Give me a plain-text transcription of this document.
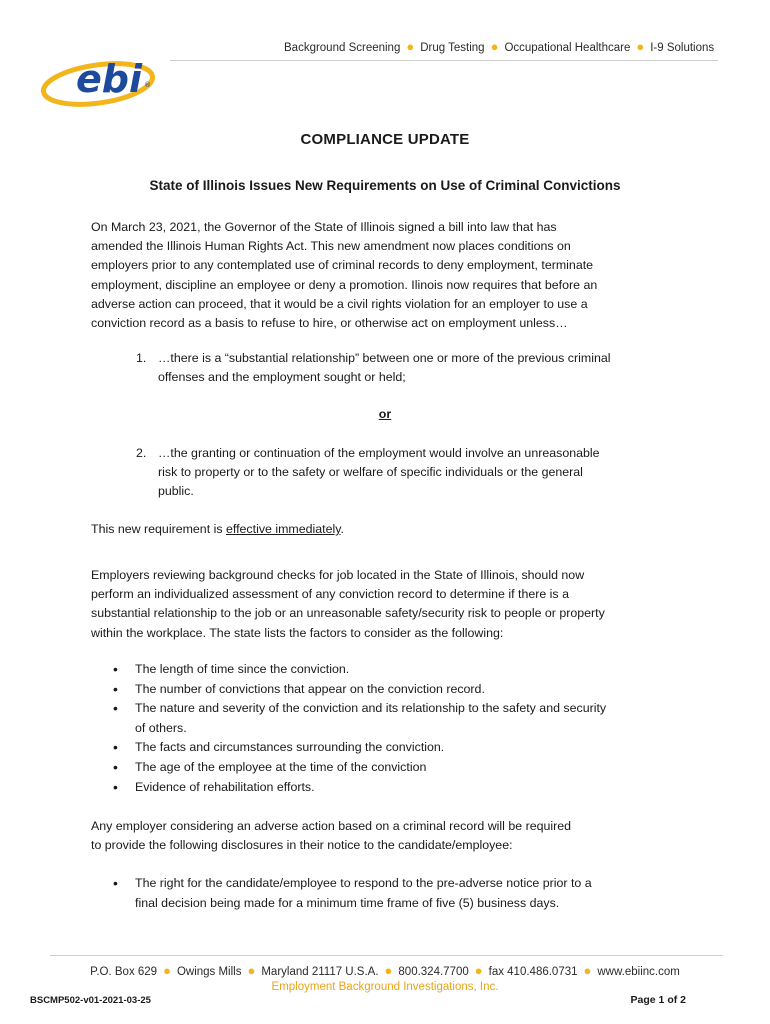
ebi ®
Background Screening ● Drug Testing ● Occupational Healthcare ● I-9 Solutions
COMPLIANCE UPDATE
State of Illinois Issues New Requirements on Use of Criminal Convictions
On March 23, 2021, the Governor of the State of Illinois signed a bill into law that has
amended the Illinois Human Rights Act. This new amendment now places conditions on
employers prior to any contemplated use of criminal records to deny employment, terminate
employment, discipline an employee or deny a promotion. Ilinois now requires that before an
adverse action can proceed, that it would be a civil rights violation for an employer to use a
conviction record as a basis to refuse to hire, or otherwise act on employment unless…
1. …there is a “substantial relationship” between one or more of the previous criminal
offenses and the employment sought or held;
or
2. …the granting or continuation of the employment would involve an unreasonable
risk to property or to the safety or welfare of specific individuals or the general
public.
This new requirement is effective immediately.
Employers reviewing background checks for job located in the State of Illinois, should now
perform an individualized assessment of any conviction record to determine if there is a
substantial relationship to the job or an unreasonable safety/security risk to people or property
within the workplace. The state lists the factors to consider as the following:
• The length of time since the conviction.
• The number of convictions that appear on the conviction record.
• The nature and severity of the conviction and its relationship to the safety and security
of others.
• The facts and circumstances surrounding the conviction.
• The age of the employee at the time of the conviction
• Evidence of rehabilitation efforts.
Any employer considering an adverse action based on a criminal record will be required
to provide the following disclosures in their notice to the candidate/employee:
• The right for the candidate/employee to respond to the pre-adverse notice prior to a
final decision being made for a minimum time frame of five (5) business days.
P.O. Box 629 ● Owings Mills ● Maryland 21117 U.S.A. ● 800.324.7700 ● fax 410.486.0731 ● www.ebiinc.com
Employment Background Investigations, Inc.
BSCMP502-v01-2021-03-25	Page 1 of 2
